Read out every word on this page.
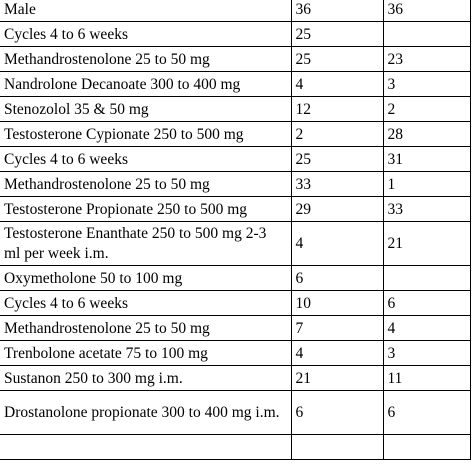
Male	36	36
Cycles 4 to 6 weeks	25	
Methandrostenolone 25 to 50 mg	25	23
Nandrolone Decanoate 300 to 400 mg	4	3
Stenozolol 35 & 50 mg	12	2
Testosterone Cypionate 250 to 500 mg	2	28
Cycles 4 to 6 weeks	25	31
Methandrostenolone 25 to 50 mg	33	1
Testosterone Propionate 250 to 500 mg	29	33
Testosterone Enanthate 250 to 500 mg 2-3 ml per week i.m.	4	21
Oxymetholone 50 to 100 mg	6	
Cycles 4 to 6 weeks	10	6
Methandrostenolone 25 to 50 mg	7	4
Trenbolone acetate 75 to 100 mg	4	3
Sustanon 250 to 300 mg i.m.	21	11
Drostanolone propionate 300 to 400 mg i.m.	6	6
